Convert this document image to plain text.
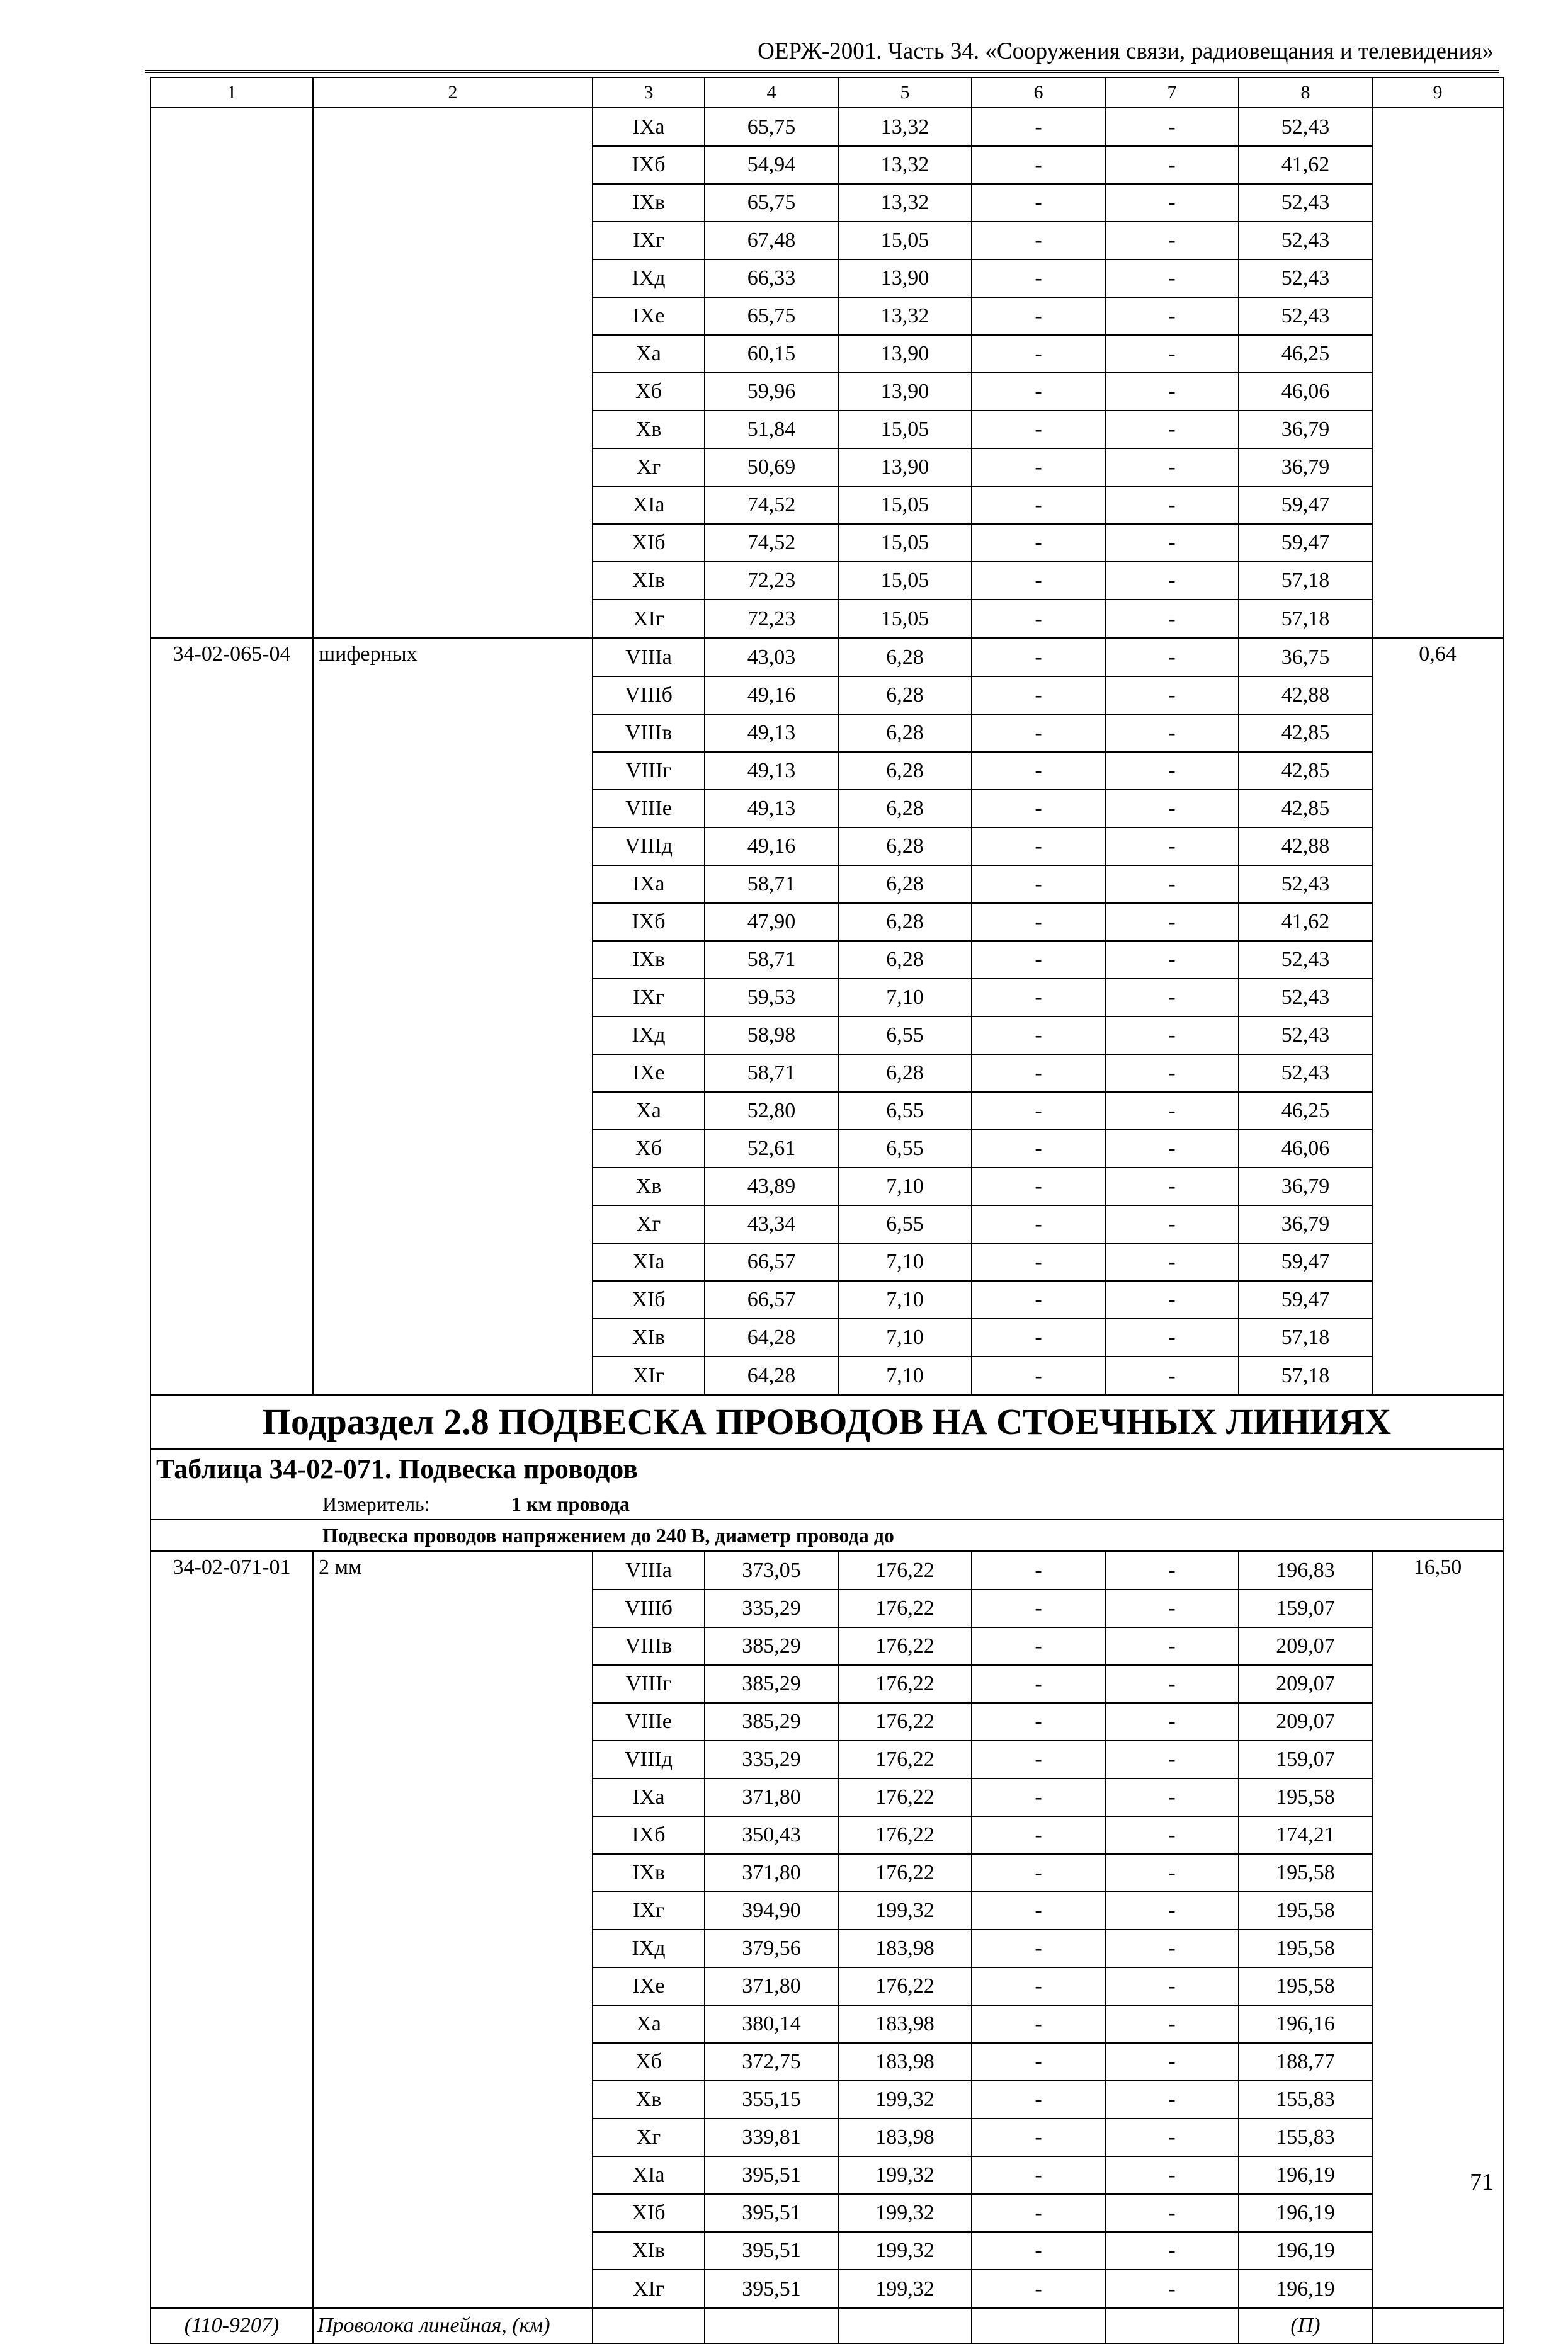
ОЕРЖ-2001. Часть 34. «Сооружения связи, радиовещания и телевидения»
1	2	3	4	5	6	7	8	9
		IXа	65,75	13,32	-	-	52,43	
		IXб	54,94	13,32	-	-	41,62	
		IXв	65,75	13,32	-	-	52,43	
		IXг	67,48	15,05	-	-	52,43	
		IXд	66,33	13,90	-	-	52,43	
		IXе	65,75	13,32	-	-	52,43	
		Xа	60,15	13,90	-	-	46,25	
		Xб	59,96	13,90	-	-	46,06	
		Xв	51,84	15,05	-	-	36,79	
		Xг	50,69	13,90	-	-	36,79	
		XIа	74,52	15,05	-	-	59,47	
		XIб	74,52	15,05	-	-	59,47	
		XIв	72,23	15,05	-	-	57,18	
		XIг	72,23	15,05	-	-	57,18	
34-02-065-04	шиферных	VIIIа	43,03	6,28	-	-	36,75	0,64
		VIIIб	49,16	6,28	-	-	42,88	
		VIIIв	49,13	6,28	-	-	42,85	
		VIIIг	49,13	6,28	-	-	42,85	
		VIIIе	49,13	6,28	-	-	42,85	
		VIIIд	49,16	6,28	-	-	42,88	
		IXа	58,71	6,28	-	-	52,43	
		IXб	47,90	6,28	-	-	41,62	
		IXв	58,71	6,28	-	-	52,43	
		IXг	59,53	7,10	-	-	52,43	
		IXд	58,98	6,55	-	-	52,43	
		IXе	58,71	6,28	-	-	52,43	
		Xа	52,80	6,55	-	-	46,25	
		Xб	52,61	6,55	-	-	46,06	
		Xв	43,89	7,10	-	-	36,79	
		Xг	43,34	6,55	-	-	36,79	
		XIа	66,57	7,10	-	-	59,47	
		XIб	66,57	7,10	-	-	59,47	
		XIв	64,28	7,10	-	-	57,18	
		XIг	64,28	7,10	-	-	57,18	
Подраздел 2.8 ПОДВЕСКА ПРОВОДОВ НА СТОЕЧНЫХ ЛИНИЯХ								
Таблица 34-02-071. Подвеска проводов								
Измеритель: 1 км провода								
Подвеска проводов напряжением до 240 В, диаметр провода до								
34-02-071-01	2 мм	VIIIа	373,05	176,22	-	-	196,83	16,50
		VIIIб	335,29	176,22	-	-	159,07	
		VIIIв	385,29	176,22	-	-	209,07	
		VIIIг	385,29	176,22	-	-	209,07	
		VIIIе	385,29	176,22	-	-	209,07	
		VIIIд	335,29	176,22	-	-	159,07	
		IXа	371,80	176,22	-	-	195,58	
		IXб	350,43	176,22	-	-	174,21	
		IXв	371,80	176,22	-	-	195,58	
		IXг	394,90	199,32	-	-	195,58	
		IXд	379,56	183,98	-	-	195,58	
		IXе	371,80	176,22	-	-	195,58	
		Xа	380,14	183,98	-	-	196,16	
		Xб	372,75	183,98	-	-	188,77	
		Xв	355,15	199,32	-	-	155,83	
		Xг	339,81	183,98	-	-	155,83	
		XIа	395,51	199,32	-	-	196,19	
		XIб	395,51	199,32	-	-	196,19	
		XIв	395,51	199,32	-	-	196,19	
		XIг	395,51	199,32	-	-	196,19	
(110-9207)	Проволока линейная, (км)						(П)	
71
